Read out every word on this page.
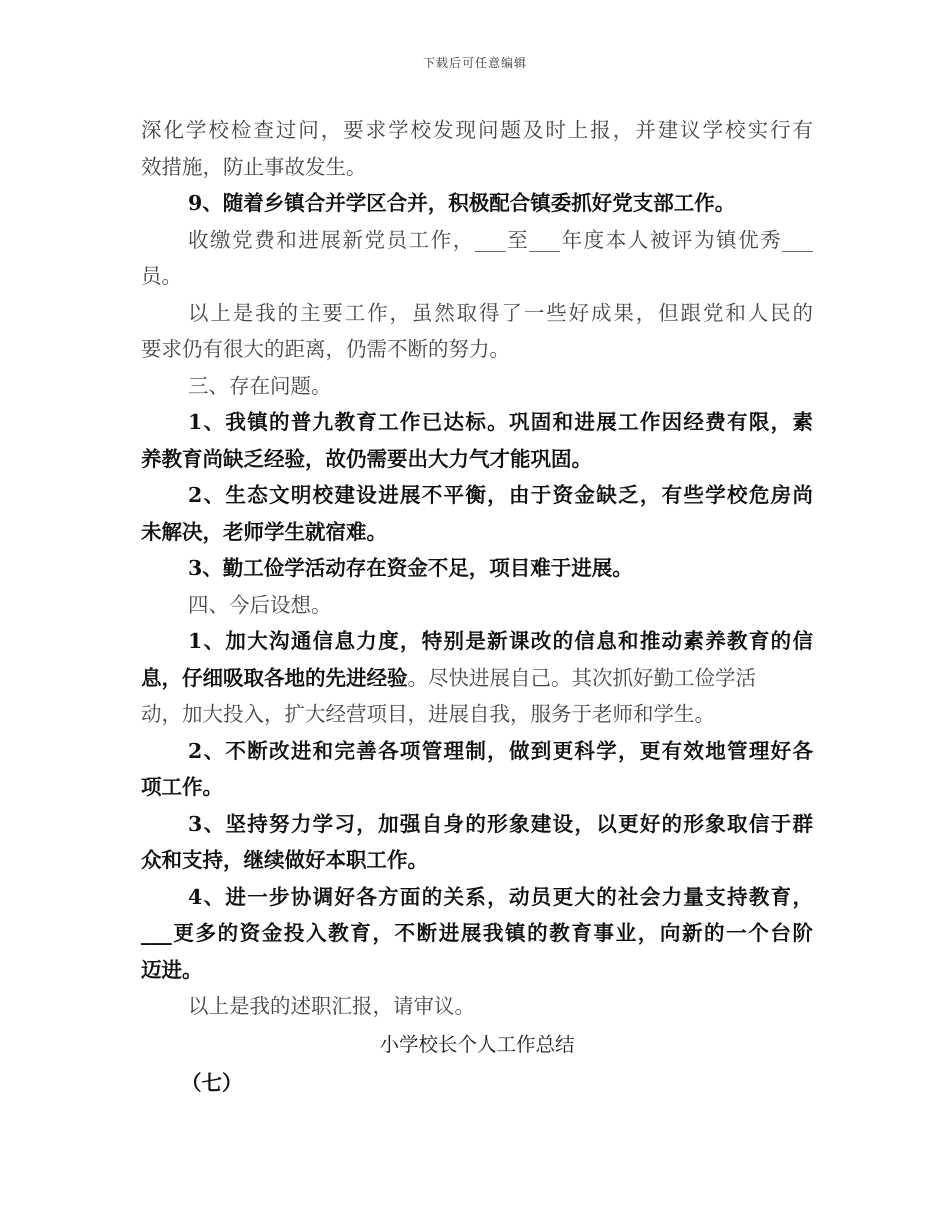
下载后可任意编辑
深化学校检查过问，要求学校发现问题及时上报，并建议学校实行有
效措施，防止事故发生。
9、随着乡镇合并学区合并，积极配合镇委抓好党支部工作。
收缴党费和进展新党员工作，___至___年度本人被评为镇优秀___
员。
以上是我的主要工作，虽然取得了一些好成果，但跟党和人民的
要求仍有很大的距离，仍需不断的努力。
三、存在问题。
1、我镇的普九教育工作已达标。巩固和进展工作因经费有限，素
养教育尚缺乏经验，故仍需要出大力气才能巩固。
2、生态文明校建设进展不平衡，由于资金缺乏，有些学校危房尚
未解决，老师学生就宿难。
3、勤工俭学活动存在资金不足，项目难于进展。
四、今后设想。
1、加大沟通信息力度，特别是新课改的信息和推动素养教育的信
息，仔细吸取各地的先进经验。尽快进展自己。其次抓好勤工俭学活
动，加大投入，扩大经营项目，进展自我，服务于老师和学生。
2、不断改进和完善各项管理制，做到更科学，更有效地管理好各
项工作。
3、坚持努力学习，加强自身的形象建设，以更好的形象取信于群
众和支持，继续做好本职工作。
4、进一步协调好各方面的关系，动员更大的社会力量支持教育，
___更多的资金投入教育，不断进展我镇的教育事业，向新的一个台阶
迈进。
以上是我的述职汇报，请审议。
小学校长个人工作总结
（七）
